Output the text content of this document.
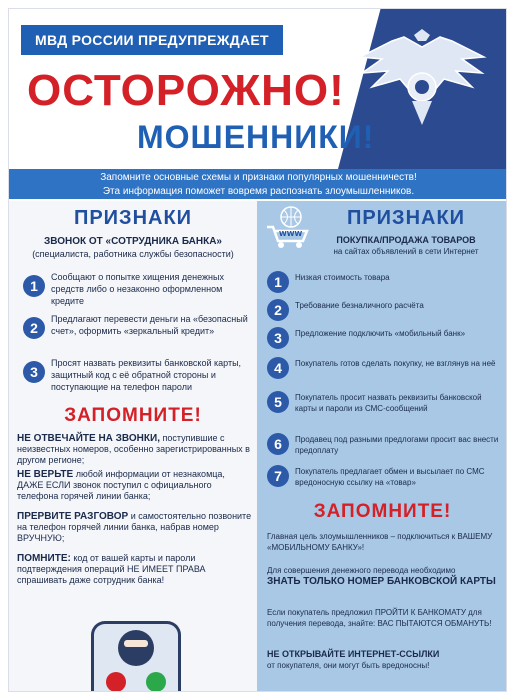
МВД РОССИИ ПРЕДУПРЕЖДАЕТ
ОСТОРОЖНО!
МОШЕННИКИ!
Запомните основные схемы и признаки популярных мошенничеств!
Эта информация поможет вовремя распознать злоумышленников.
ПРИЗНАКИ
ЗВОНОК ОТ «СОТРУДНИКА БАНКА»
(специалиста, работника службы безопасности)
1
Сообщают о попытке хищения денежных средств либо о незаконно оформленном кредите
2
Предлагают перевести деньги на «безопасный счет», оформить «зеркальный кредит»
3
Просят назвать реквизиты банковской карты, защитный код с её обратной стороны и поступающие на телефон пароли
ЗАПОМНИТЕ!
НЕ ОТВЕЧАЙТЕ НА ЗВОНКИ, поступившие с неизвестных номеров, особенно зарегистрированных в другом регионе;
НЕ ВЕРЬТЕ любой информации от незнакомца, ДАЖЕ ЕСЛИ звонок поступил с официального телефона горячей линии банка;
ПРЕРВИТЕ РАЗГОВОР и самостоятельно позвоните на телефон горячей линии банка, набрав номер ВРУЧНУЮ;
ПОМНИТЕ: код от вашей карты и пароли подтверждения операций НЕ ИМЕЕТ ПРАВА спрашивать даже сотрудник банка!
WWW
ПРИЗНАКИ
ПОКУПКА/ПРОДАЖА ТОВАРОВ
на сайтах объявлений в сети Интернет
1	Низкая стоимость товара
2	Требование безналичного расчёта
3	Предложение подключить «мобильный банк»
4	Покупатель готов сделать покупку, не взглянув на неё
5	Покупатель просит назвать реквизиты банковской карты и пароли из СМС-сообщений
6	Продавец под разными предлогами просит вас внести предоплату
7	Покупатель предлагает обмен и высылает по СМС вредоносную ссылку на «товар»
ЗАПОМНИТЕ!
Главная цель злоумышленников – подключиться к ВАШЕМУ «МОБИЛЬНОМУ БАНКУ»!
Для совершения денежного перевода необходимо
ЗНАТЬ ТОЛЬКО НОМЕР БАНКОВСКОЙ КАРТЫ
Если покупатель предложил ПРОЙТИ К БАНКОМАТУ для получения перевода, знайте: ВАС ПЫТАЮТСЯ ОБМАНУТЬ!
НЕ ОТКРЫВАЙТЕ ИНТЕРНЕТ-ССЫЛКИ
от покупателя, они могут быть вредоносны!
